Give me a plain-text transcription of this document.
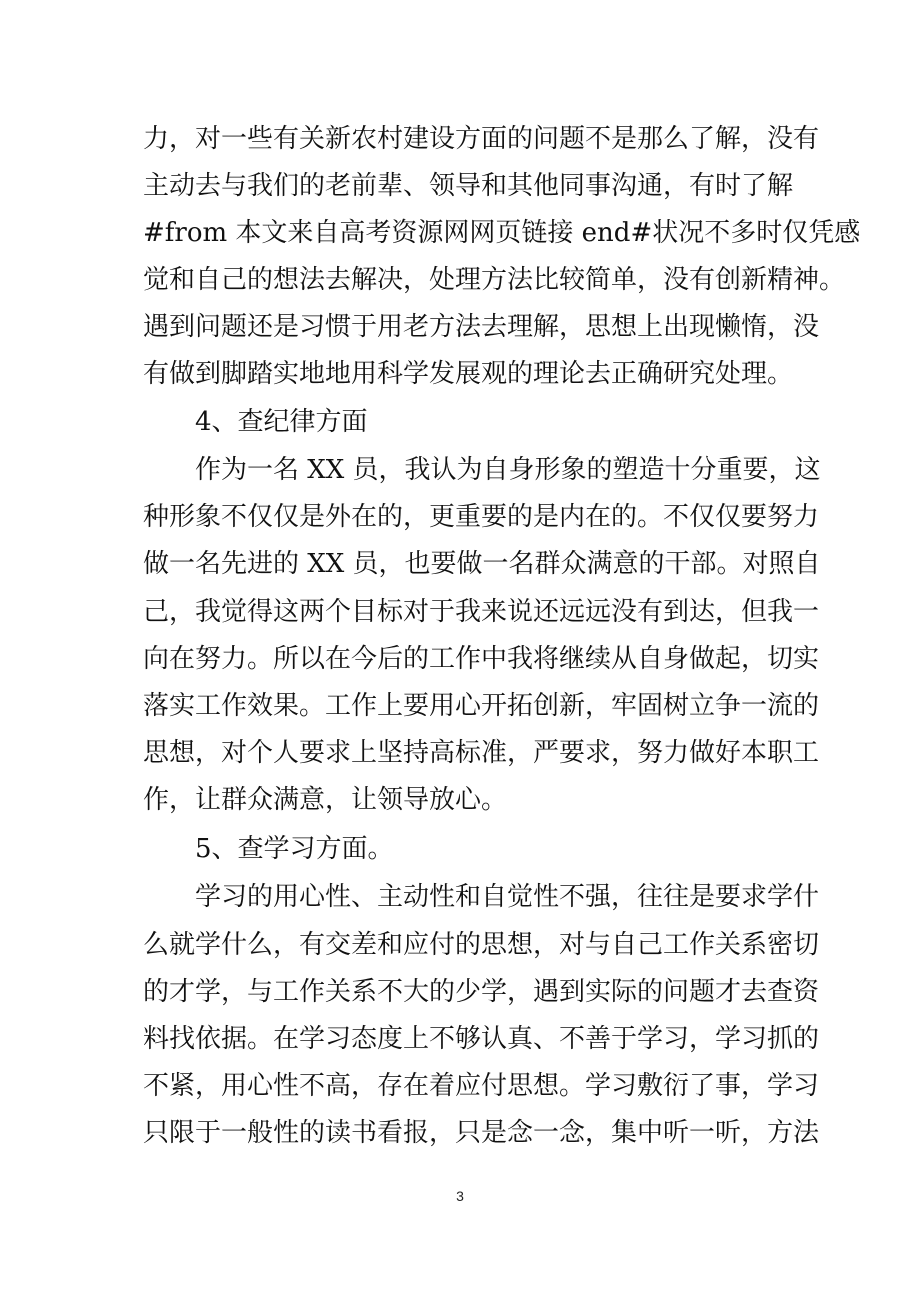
力，对一些有关新农村建设方面的问题不是那么了解，没有
主动去与我们的老前辈、领导和其他同事沟通，有时了解
#from 本文来自高考资源网网页链接 end#状况不多时仅凭感
觉和自己的想法去解决，处理方法比较简单，没有创新精神。
遇到问题还是习惯于用老方法去理解，思想上出现懒惰，没
有做到脚踏实地地用科学发展观的理论去正确研究处理。
4、查纪律方面
作为一名 XX 员，我认为自身形象的塑造十分重要，这
种形象不仅仅是外在的，更重要的是内在的。不仅仅要努力
做一名先进的 XX 员，也要做一名群众满意的干部。对照自
己，我觉得这两个目标对于我来说还远远没有到达，但我一
向在努力。所以在今后的工作中我将继续从自身做起，切实
落实工作效果。工作上要用心开拓创新，牢固树立争一流的
思想，对个人要求上坚持高标准，严要求，努力做好本职工
作，让群众满意，让领导放心。
5、查学习方面。
学习的用心性、主动性和自觉性不强，往往是要求学什
么就学什么，有交差和应付的思想，对与自己工作关系密切
的才学，与工作关系不大的少学，遇到实际的问题才去查资
料找依据。在学习态度上不够认真、不善于学习，学习抓的
不紧，用心性不高，存在着应付思想。学习敷衍了事，学习
只限于一般性的读书看报，只是念一念，集中听一听，方法
3
